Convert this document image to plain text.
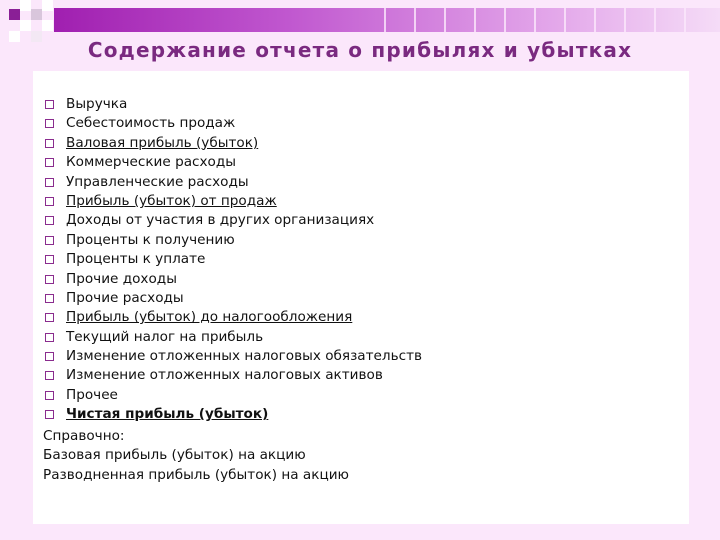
Содержание отчета о прибылях и убытках
Выручка
Себестоимость продаж
Валовая прибыль (убыток)
Коммерческие расходы
Управленческие расходы
Прибыль (убыток) от продаж
Доходы от участия в других организациях
Проценты к получению
Проценты к уплате
Прочие доходы
Прочие расходы
Прибыль (убыток) до налогообложения
Текущий налог на прибыль
Изменение отложенных налоговых обязательств
Изменение отложенных налоговых активов
Прочее
Чистая прибыль (убыток)
Справочно:
Базовая прибыль (убыток) на акцию
Разводненная прибыль (убыток) на акцию
